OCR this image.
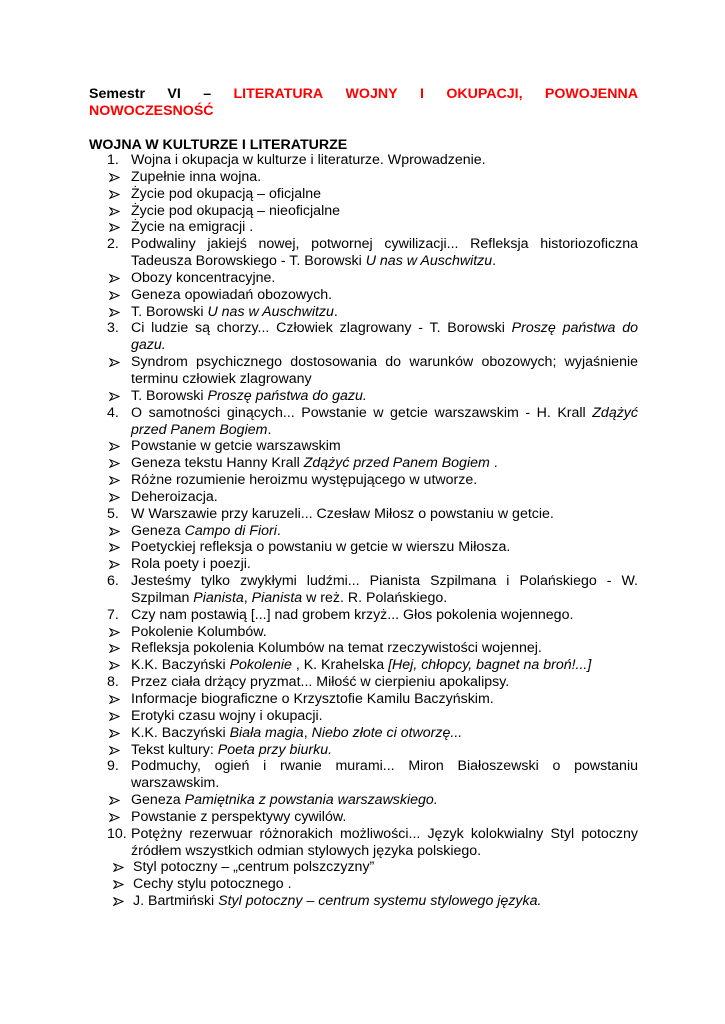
Semestr VI – LITERATURA WOJNY I OKUPACJI, POWOJENNA
NOWOCZESNOŚĆ
WOJNA W KULTURZE I LITERATURZE
1. Wojna i okupacja w kulturze i literaturze. Wprowadzenie.
Zupełnie inna wojna.
Życie pod okupacją – oficjalne
Życie pod okupacją – nieoficjalne
Życie na emigracji .
2. Podwaliny jakiejś nowej, potwornej cywilizacji... Refleksja historiozoficzna Tadeusza Borowskiego - T. Borowski U nas w Auschwitzu.
Obozy koncentracyjne.
Geneza opowiadań obozowych.
T. Borowski U nas w Auschwitzu.
3. Ci ludzie są chorzy... Człowiek zlagrowany - T. Borowski Proszę państwa do gazu.
Syndrom psychicznego dostosowania do warunków obozowych; wyjaśnienie terminu człowiek zlagrowany
T. Borowski Proszę państwa do gazu.
4. O samotności ginących... Powstanie w getcie warszawskim - H. Krall Zdążyć przed Panem Bogiem.
Powstanie w getcie warszawskim
Geneza tekstu Hanny Krall Zdążyć przed Panem Bogiem .
Różne rozumienie heroizmu występującego w utworze.
Deheroizacja.
5. W Warszawie przy karuzeli... Czesław Miłosz o powstaniu w getcie.
Geneza Campo di Fiori.
Poetyckiej refleksja o powstaniu w getcie w wierszu Miłosza.
Rola poety i poezji.
6. Jesteśmy tylko zwykłymi ludźmi... Pianista Szpilmana i Polańskiego - W. Szpilman Pianista, Pianista w reż. R. Polańskiego.
7. Czy nam postawią [...] nad grobem krzyż... Głos pokolenia wojennego.
Pokolenie Kolumbów.
Refleksja pokolenia Kolumbów na temat rzeczywistości wojennej.
K.K. Baczyński Pokolenie , K. Krahelska [Hej, chłopcy, bagnet na broń!...]
8. Przez ciała drżący pryzmat... Miłość w cierpieniu apokalipsy.
Informacje biograficzne o Krzysztofie Kamilu Baczyńskim.
Erotyki czasu wojny i okupacji.
K.K. Baczyński Biała magia, Niebo złote ci otworzę...
Tekst kultury: Poeta przy biurku.
9. Podmuchy, ogień i rwanie murami... Miron Białoszewski o powstaniu warszawskim.
Geneza Pamiętnika z powstania warszawskiego.
Powstanie z perspektywy cywilów.
10. Potężny rezerwuar różnorakich możliwości... Język kolokwialny Styl potoczny źródłem wszystkich odmian stylowych języka polskiego.
Styl potoczny – „centrum polszczyzny”
Cechy stylu potocznego .
J. Bartmiński Styl potoczny – centrum systemu stylowego języka.
